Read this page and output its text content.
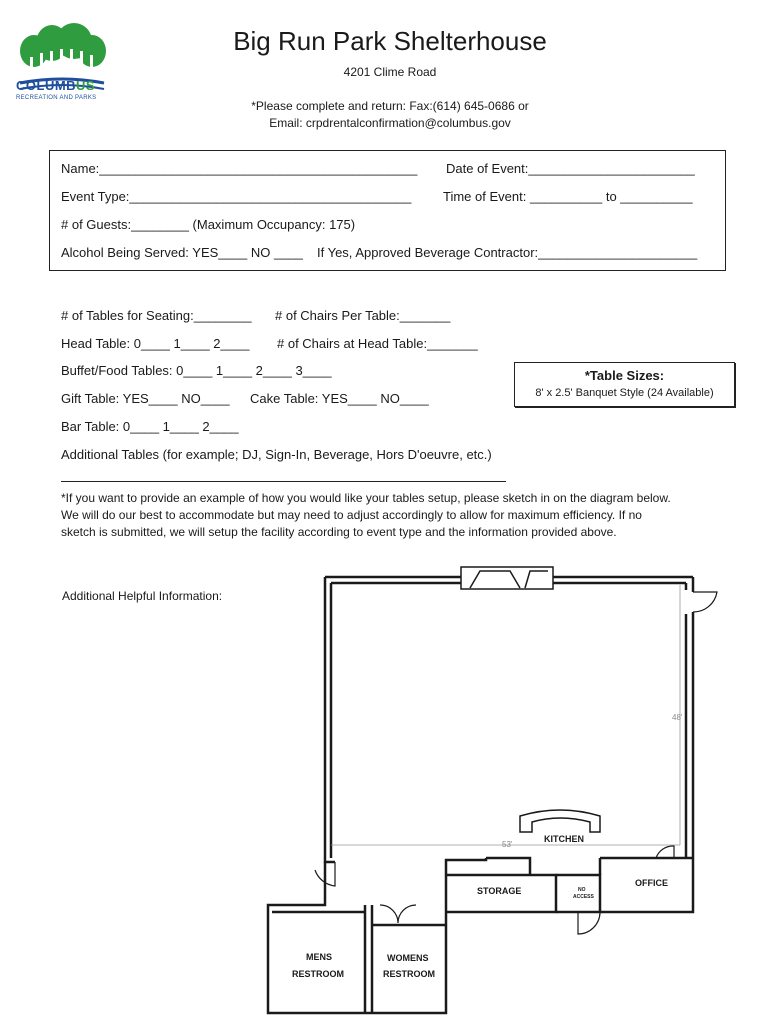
COLUMBUS
RECREATION AND PARKS
Big Run Park Shelterhouse
4201 Clime Road
*Please complete and return: Fax:(614) 645-0686 or
Email: crpdrentalconfirmation@columbus.gov
Name:____________________________________________ Date of Event:_______________________
Event Type:_______________________________________ Time of Event: __________ to __________
# of Guests:________ (Maximum Occupancy: 175)
Alcohol Being Served: YES____ NO ____ If Yes, Approved Beverage Contractor:______________________
# of Tables for Seating:________ # of Chairs Per Table:_______
Head Table: 0____ 1____ 2____ # of Chairs at Head Table:_______
Buffet/Food Tables: 0____ 1____ 2____ 3____
Gift Table: YES____ NO____ Cake Table: YES____ NO____
Bar Table: 0____ 1____ 2____
Additional Tables (for example; DJ, Sign-In, Beverage, Hors D'oeuvre, etc.)
*Table Sizes:
8' x 2.5' Banquet Style (24 Available)
*If you want to provide an example of how you would like your tables setup, please sketch in on the diagram below.
We will do our best to accommodate but may need to adjust accordingly to allow for maximum efficiency. If no
sketch is submitted, we will setup the facility according to event type and the information provided above.
Additional Helpful Information:
48'
53'
KITCHEN
STORAGE	NO
ACCESS
OFFICE
MENS
RESTROOM
WOMENS
RESTROOM
